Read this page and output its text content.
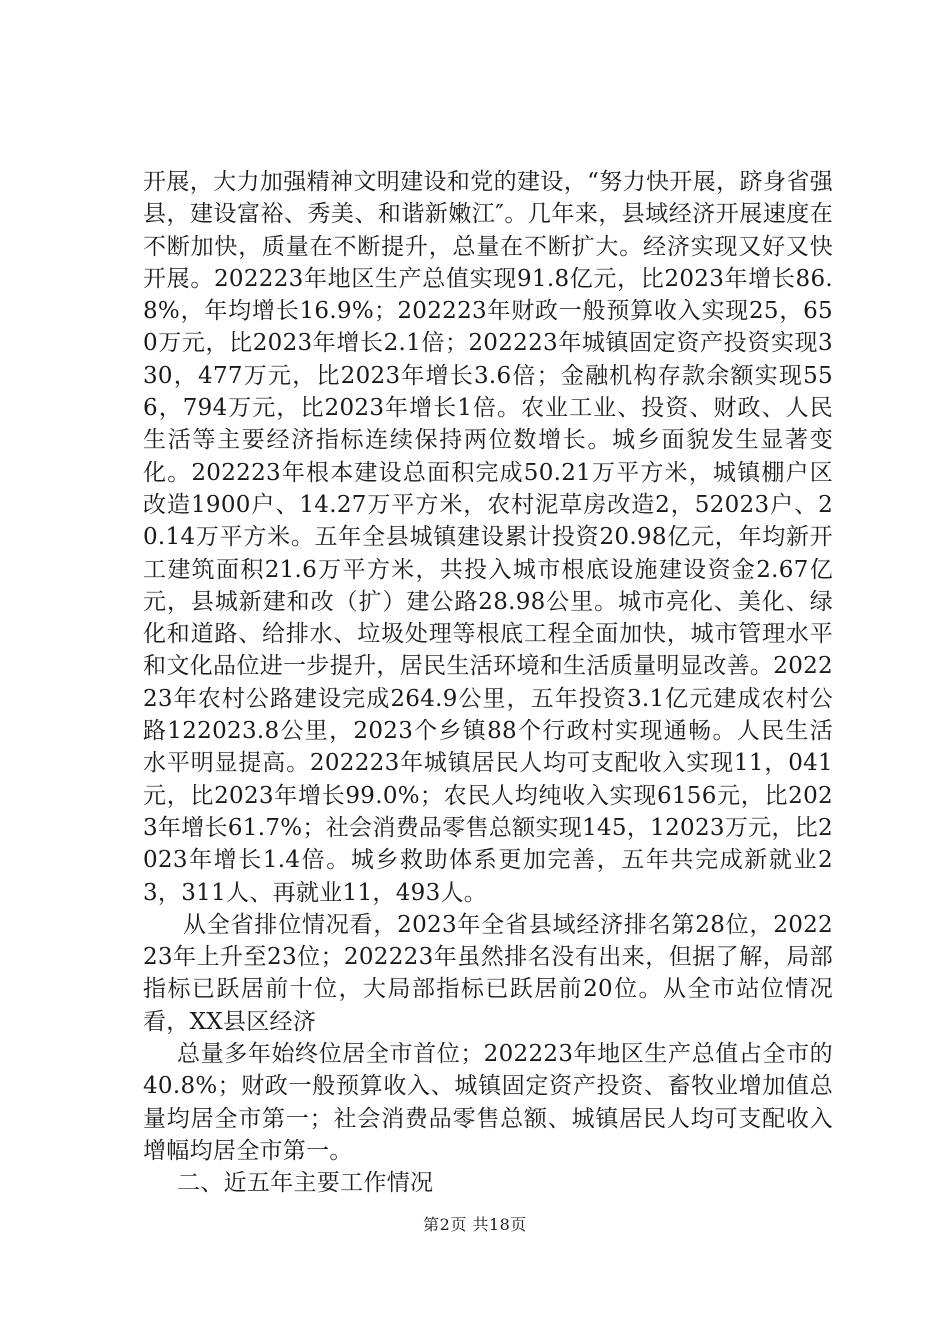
开展，大力加强精神文明建设和党的建设，“努力快开展，跻身省强县，建设富裕、秀美、和谐新嫩江″。几年来，县域经济开展速度在不断加快，质量在不断提升，总量在不断扩大。经济实现又好又快开展。202223年地区生产总值实现91.8亿元，比2023年增长86.8%，年均增长16.9%；202223年财政一般预算收入实现25，650万元，比2023年增长2.1倍；202223年城镇固定资产投资实现330，477万元，比2023年增长3.6倍；金融机构存款余额实现556，794万元，比2023年增长1倍。农业工业、投资、财政、人民生活等主要经济指标连续保持两位数增长。城乡面貌发生显著变化。202223年根本建设总面积完成50.21万平方米，城镇棚户区改造1900户、14.27万平方米，农村泥草房改造2，52023户、20.14万平方米。五年全县城镇建设累计投资20.98亿元，年均新开工建筑面积21.6万平方米，共投入城市根底设施建设资金2.67亿元，县城新建和改（扩）建公路28.98公里。城市亮化、美化、绿化和道路、给排水、垃圾处理等根底工程全面加快，城市管理水平和文化品位进一步提升，居民生活环境和生活质量明显改善。202223年农村公路建设完成264.9公里，五年投资3.1亿元建成农村公路122023.8公里，2023个乡镇88个行政村实现通畅。人民生活水平明显提高。202223年城镇居民人均可支配收入实现11，041元，比2023年增长99.0%；农民人均纯收入实现6156元，比2023年增长61.7%；社会消费品零售总额实现145，12023万元，比2023年增长1.4倍。城乡救助体系更加完善，五年共完成新就业23，311人、再就业11，493人。

从全省排位情况看，2023年全省县域经济排名第28位，202223年上升至23位；202223年虽然排名没有出来，但据了解，局部指标已跃居前十位，大局部指标已跃居前20位。从全市站位情况看，XX县区经济

总量多年始终位居全市首位；202223年地区生产总值占全市的40.8%；财政一般预算收入、城镇固定资产投资、畜牧业增加值总量均居全市第一；社会消费品零售总额、城镇居民人均可支配收入增幅均居全市第一。

二、近五年主要工作情况

第2页 共18页
